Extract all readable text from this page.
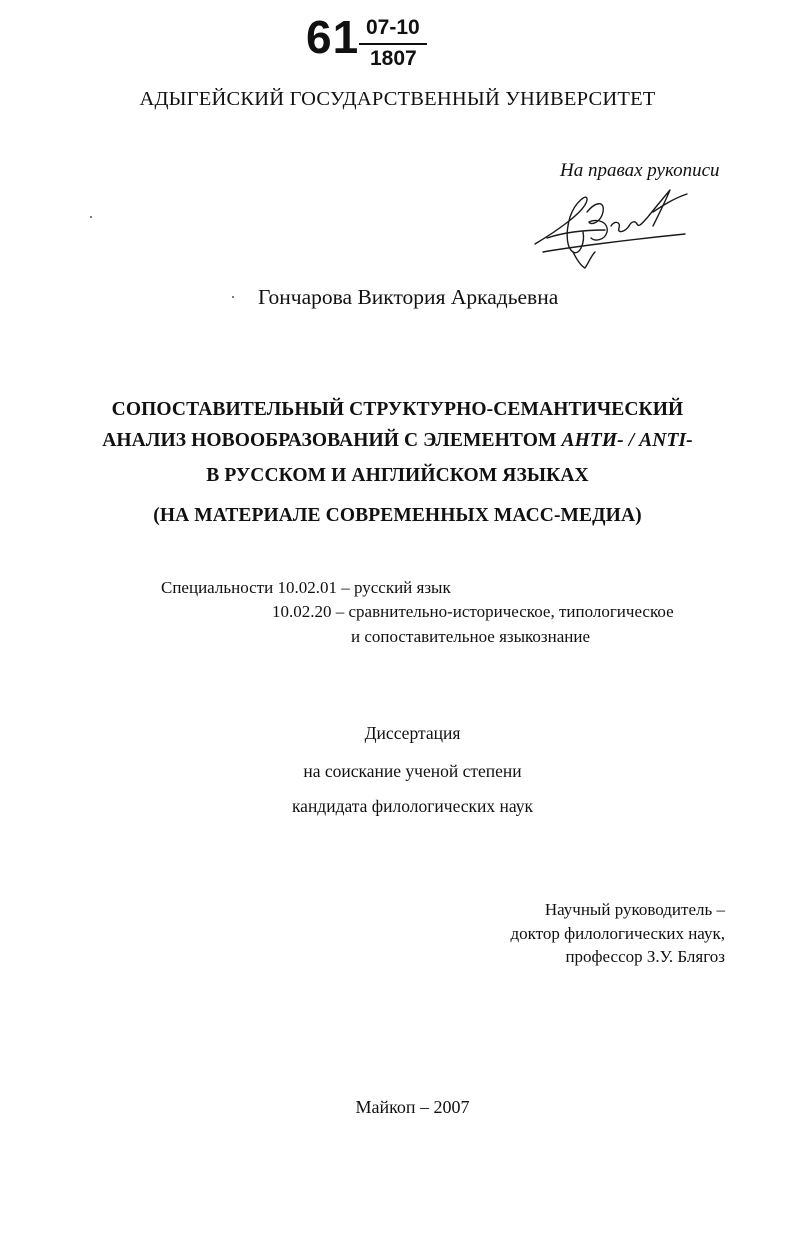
61 07-10
1807
АДЫГЕЙСКИЙ ГОСУДАРСТВЕННЫЙ УНИВЕРСИТЕТ
На правах рукописи
Гончарова Виктория Аркадьевна
СОПОСТАВИТЕЛЬНЫЙ СТРУКТУРНО-СЕМАНТИЧЕСКИЙ
АНАЛИЗ НОВООБРАЗОВАНИЙ С ЭЛЕМЕНТОМ АНТИ- / ANTI-
В РУССКОМ И АНГЛИЙСКОМ ЯЗЫКАХ
(НА МАТЕРИАЛЕ СОВРЕМЕННЫХ МАСС-МЕДИА)
Специальности 10.02.01 – русский язык
10.02.20 – сравнительно-историческое, типологическое
и сопоставительное языкознание
Диссертация
на соискание ученой степени
кандидата филологических наук
Научный руководитель –
доктор филологических наук,
профессор З.У. Блягоз
Майкоп – 2007
